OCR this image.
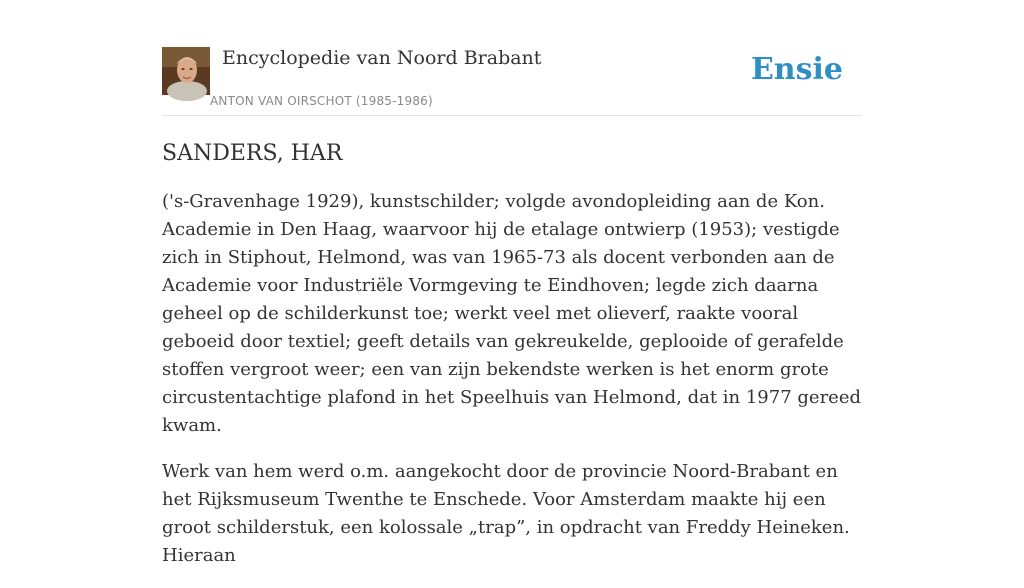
Encyclopedie van Noord Brabant
ANTON VAN OIRSCHOT (1985-1986)
Ensie
SANDERS, HAR

('s-Gravenhage 1929), kunstschilder; volgde avondopleiding aan de Kon. Academie in Den Haag, waarvoor hij de etalage ontwierp (1953); vestigde zich in Stiphout, Helmond, was van 1965-73 als docent verbonden aan de Academie voor Industriële Vormgeving te Eindhoven; legde zich daarna geheel op de schilderkunst toe; werkt veel met olieverf, raakte vooral geboeid door textiel; geeft details van gekreukelde, geplooide of gerafelde stoffen vergroot weer; een van zijn bekendste werken is het enorm grote circustentachtige plafond in het Speelhuis van Helmond, dat in 1977 gereed kwam.

Werk van hem werd o.m. aangekocht door de provincie Noord-Brabant en het Rijksmuseum Twenthe te Enschede. Voor Amsterdam maakte hij een groot schilderstuk, een kolossale „trap”, in opdracht van Freddy Heineken. Hieraan
